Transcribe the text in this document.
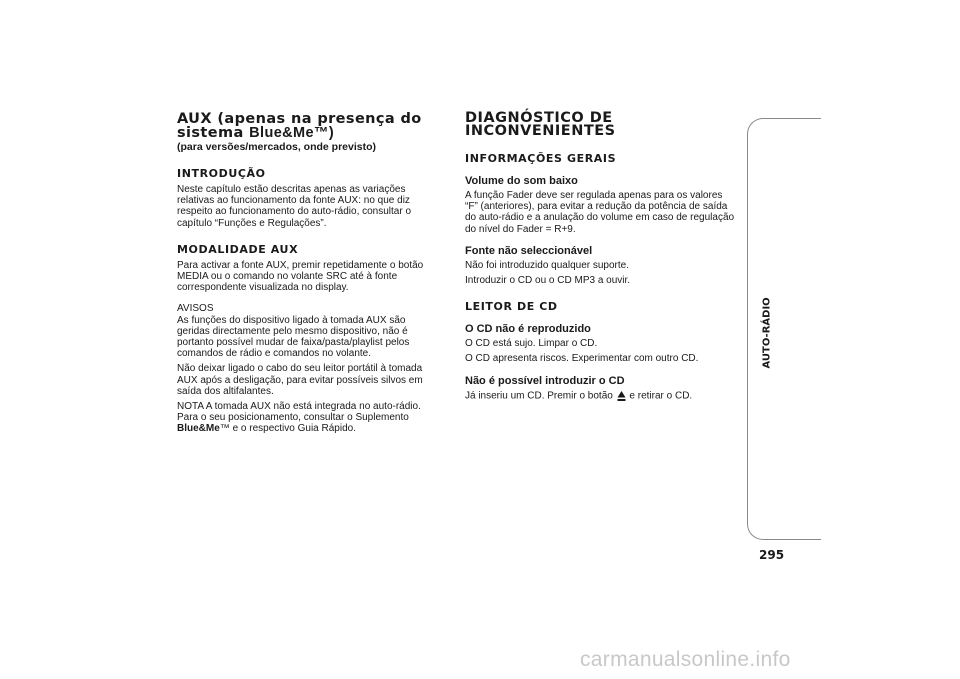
AUX (apenas na presença do sistema Blue&Me™)
(para versões/mercados, onde previsto)
INTRODUÇÃO

Neste capítulo estão descritas apenas as variações relativas ao funcionamento da fonte AUX: no que diz respeito ao funcionamento do auto-rádio, consultar o capítulo “Funções e Regulações”.

MODALIDADE AUX

Para activar a fonte AUX, premir repetidamente o botão MEDIA ou o comando no volante SRC até à fonte correspondente visualizada no display.

AVISOS

As funções do dispositivo ligado à tomada AUX são geridas directamente pelo mesmo dispositivo, não é portanto possível mudar de faixa/pasta/playlist pelos comandos de rádio e comandos no volante.

Não deixar ligado o cabo do seu leitor portátil à tomada AUX após a desligação, para evitar possíveis silvos em saída dos altifalantes.

NOTA A tomada AUX não está integrada no auto-rádio. Para o seu posicionamento, consultar o Suplemento Blue&Me™ e o respectivo Guia Rápido.

DIAGNÓSTICO DE INCONVENIENTES
INFORMAÇÕES GERAIS
Volume do som baixo

A função Fader deve ser regulada apenas para os valores “F” (anteriores), para evitar a redução da potência de saída do auto-rádio e a anulação do volume em caso de regulação do nível do Fader = R+9.

Fonte não seleccionável

Não foi introduzido qualquer suporte.

Introduzir o CD ou o CD MP3 a ouvir.

LEITOR DE CD
O CD não é reproduzido

O CD está sujo. Limpar o CD.

O CD apresenta riscos. Experimentar com outro CD.

Não é possível introduzir o CD

Já inseriu um CD. Premir o botão e retirar o CD.

AUTO-RÁDIO
295
carmanualsonline.info
